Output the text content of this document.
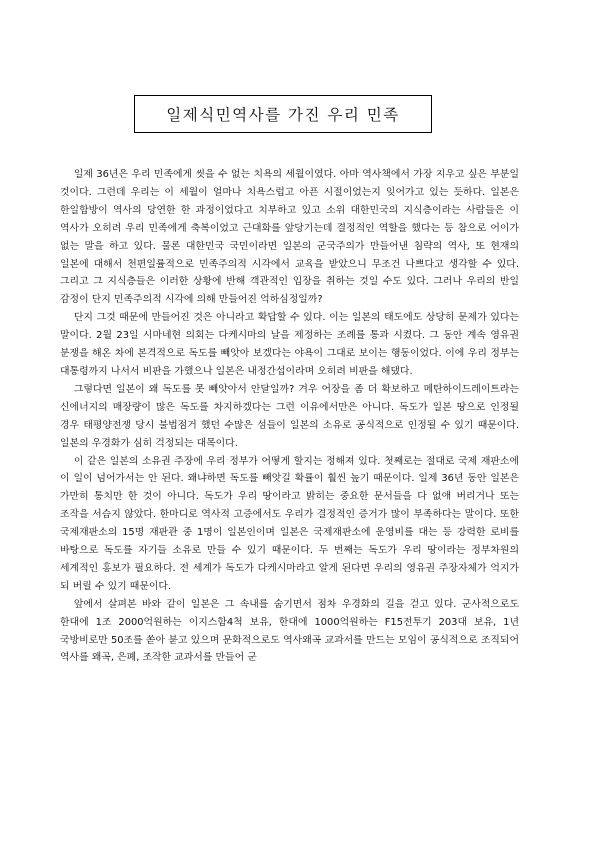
일제식민역사를 가진 우리 민족

일제 36년은 우리 민족에게 씻을 수 없는 치욕의 세월이였다. 아마 역사책에서 가장 지우고 싶은 부분일 것이다. 그런데 우리는 이 세월이 얼마나 치욕스럽고 아픈 시절이었는지 잊어가고 있는 듯하다. 일본은 한일합방이 역사의 당연한 한 과정이었다고 치부하고 있고 소위 대한민국의 지식층이라는 사람들은 이 역사가 오히려 우리 민족에게 축복이었고 근대화를 앞당기는데 결정적인 역할을 했다는 등 참으로 어이가 없는 말을 하고 있다. 물론 대한민국 국민이라면 일본의 군국주의가 만들어낸 침략의 역사, 또 현재의 일본에 대해서 천편일률적으로 민족주의적 시각에서 교육을 받았으니 무조건 나쁘다고 생각할 수 있다. 그리고 그 지식층들은 이러한 상황에 반해 객관적인 입장을 취하는 것일 수도 있다. 그러나 우리의 반일 감정이 단지 민족주의적 시각에 의해 만들어진 억하심정일까?

단지 그것 때문에 만들어진 것은 아니라고 확답할 수 있다. 이는 일본의 태도에도 상당히 문제가 있다는 말이다. 2월 23일 시마네현 의회는 다케시마의 날을 제정하는 조례를 통과 시켰다. 그 동안 계속 영유권 분쟁을 해온 차에 본격적으로 독도를 빼앗아 보겠다는 야욕이 그대로 보이는 행동이었다. 이에 우리 정부는 대통령까지 나서서 비판을 가했으나 일본은 내정간섭이라며 오히려 비판을 해댔다.

그렇다면 일본이 왜 독도를 못 빼앗아서 안달일까? 겨우 어장을 좀 더 확보하고 메탄하이드레이트라는 신에너지의 매장량이 많은 독도를 차지하겠다는 그런 이유에서만은 아니다. 독도가 일본 땅으로 인정될 경우 태평양전쟁 당시 불법점거 했던 수많은 섬들이 일본의 소유로 공식적으로 인정될 수 있기 때문이다. 일본의 우경화가 심히 걱정되는 대목이다.

이 같은 일본의 소유권 주장에 우리 정부가 어떻게 할지는 정해져 있다. 첫째로는 절대로 국제 재판소에 이 일이 넘어가서는 안 된다. 왜냐하면 독도를 빼앗길 확률이 훨씬 높기 때문이다. 일제 36년 동안 일본은 가만히 통치만 한 것이 아니다. 독도가 우리 땅이라고 밝히는 중요한 문서들을 다 없애 버리거나 또는 조작을 서슴지 않았다. 한마디로 역사적 고증에서도 우리가 결정적인 증거가 많이 부족하다는 말이다. 또한 국제재판소의 15명 재판관 중 1명이 일본인이며 일본은 국제재판소에 운영비를 대는 등 강력한 로비를 바탕으로 독도를 자기들 소유로 만들 수 있기 때문이다. 두 번째는 독도가 우리 땅이라는 정부차원의 세계적인 홍보가 필요하다. 전 세계가 독도가 다케시마라고 알게 된다면 우리의 영유권 주장자체가 억지가 되 버릴 수 있기 때문이다.

앞에서 살펴본 바와 같이 일본은 그 속내를 숨기면서 점차 우경화의 길을 걷고 있다. 군사적으로도 한대에 1조 2000억원하는 이지스함4척 보유, 한대에 1000억원하는 F15전투기 203대 보유, 1년 국방비로만 50조를 쏟아 붇고 있으며 문화적으로도 역사왜곡 교과서를 만드는 모임이 공식적으로 조직되어 역사를 왜곡, 은폐, 조작한 교과서를 만들어 군
